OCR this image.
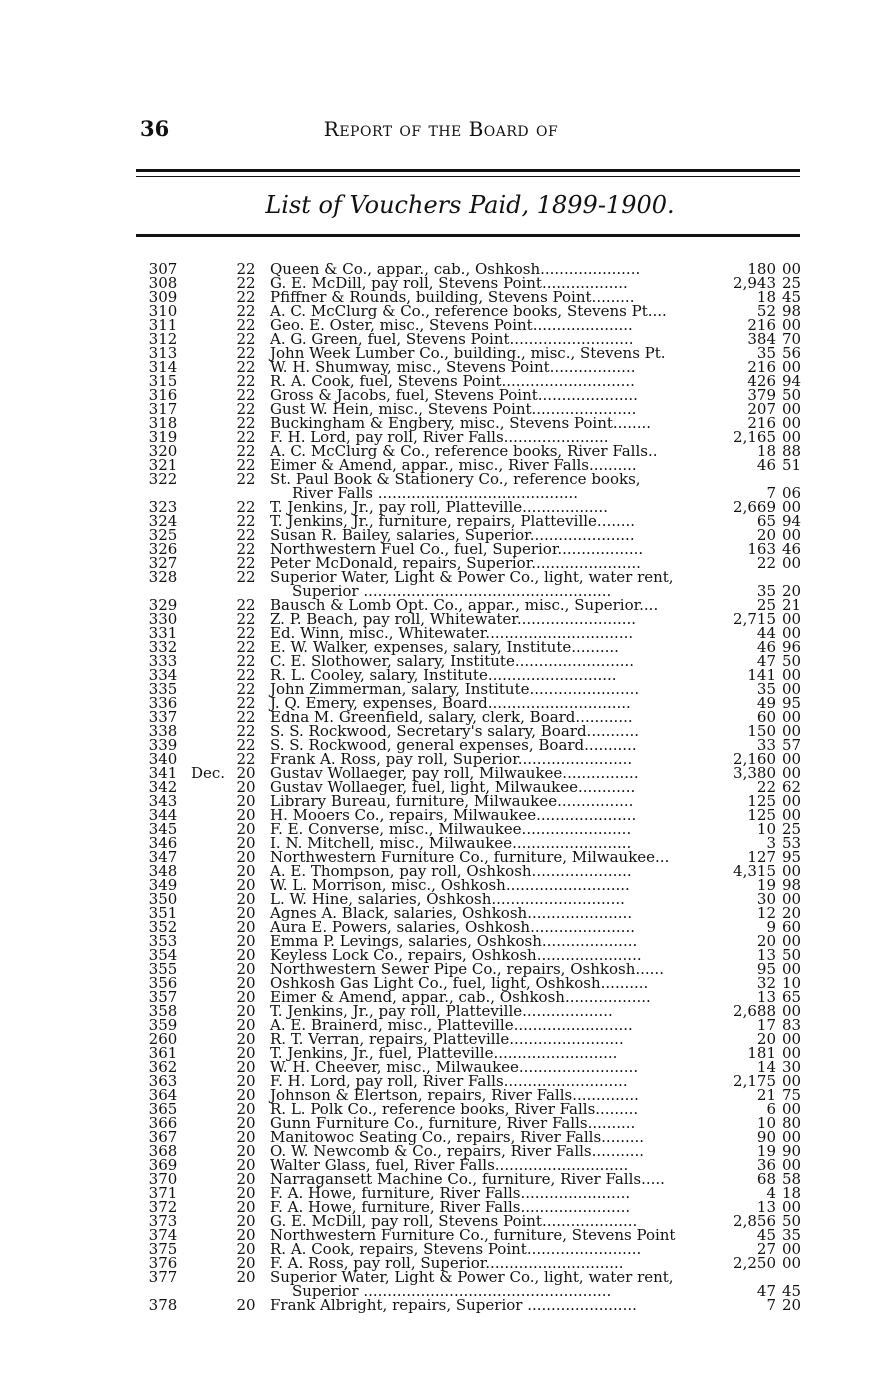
36	Report of the Board of
List of Vouchers Paid, 1899-1900.
307	22 Queen & Co., appar., cab., Oshkosh.....................	180 00
308	22 G. E. McDill, pay roll, Stevens Point..................	2,943 25
309	22 Pfiffner & Rounds, building, Stevens Point.........	18 45
310	22 A. C. McClurg & Co., reference books, Stevens Pt....	52 98
311	22 Geo. E. Oster, misc., Stevens Point.....................	216 00
312	22 A. G. Green, fuel, Stevens Point..........................	384 70
313	22 John Week Lumber Co., building., misc., Stevens Pt.	35 56
314	22 W. H. Shumway, misc., Stevens Point..................	216 00
315	22 R. A. Cook, fuel, Stevens Point............................	426 94
316	22 Gross & Jacobs, fuel, Stevens Point.....................	379 50
317	22 Gust W. Hein, misc., Stevens Point......................	207 00
318	22 Buckingham & Engbery, misc., Stevens Point........	216 00
319	22 F. H. Lord, pay roll, River Falls......................	2,165 00
320	22 A. C. McClurg & Co., reference books, River Falls..	18 88
321	22 Eimer & Amend, appar., misc., River Falls..........	46 51
322	22 St. Paul Book & Stationery Co., reference books,
River Falls ..........................................	7 06
323	22 T. Jenkins, Jr., pay roll, Platteville..................	2,669 00
324	22 T. Jenkins, Jr., furniture, repairs, Platteville........	65 94
325	22 Susan R. Bailey, salaries, Superior......................	20 00
326	22 Northwestern Fuel Co., fuel, Superior..................	163 46
327	22 Peter McDonald, repairs, Superior.......................	22 00
328	22 Superior Water, Light & Power Co., light, water rent,
Superior ....................................................	35 20
329	22 Bausch & Lomb Opt. Co., appar., misc., Superior....	25 21
330	22 Z. P. Beach, pay roll, Whitewater.........................	2,715 00
331	22 Ed. Winn, misc., Whitewater...............................	44 00
332	22 E. W. Walker, expenses, salary, Institute..........	46 96
333	22 C. E. Slothower, salary, Institute.........................	47 50
334	22 R. L. Cooley, salary, Institute...........................	141 00
335	22 John Zimmerman, salary, Institute.......................	35 00
336	22 J. Q. Emery, expenses, Board..............................	49 95
337	22 Edna M. Greenfield, salary, clerk, Board............	60 00
338	22 S. S. Rockwood, Secretary's salary, Board...........	150 00
339	22 S. S. Rockwood, general expenses, Board...........	33 57
340	22 Frank A. Ross, pay roll, Superior........................	2,160 00
341 Dec. 20 Gustav Wollaeger, pay roll, Milwaukee................	3,380 00
342	20 Gustav Wollaeger, fuel, light, Milwaukee............	22 62
343	20 Library Bureau, furniture, Milwaukee................	125 00
344	20 H. Mooers Co., repairs, Milwaukee.....................	125 00
345	20 F. E. Converse, misc., Milwaukee.......................	10 25
346	20 I. N. Mitchell, misc., Milwaukee.........................	3 53
347	20 Northwestern Furniture Co., furniture, Milwaukee...	127 95
348	20 A. E. Thompson, pay roll, Oshkosh.....................	4,315 00
349	20 W. L. Morrison, misc., Oshkosh..........................	19 98
350	20 L. W. Hine, salaries, Oshkosh............................	30 00
351	20 Agnes A. Black, salaries, Oshkosh......................	12 20
352	20 Aura E. Powers, salaries, Oshkosh......................	9 60
353	20 Emma P. Levings, salaries, Oshkosh....................	20 00
354	20 Keyless Lock Co., repairs, Oshkosh......................	13 50
355	20 Northwestern Sewer Pipe Co., repairs, Oshkosh......	95 00
356	20 Oshkosh Gas Light Co., fuel, light, Oshkosh..........	32 10
357	20 Eimer & Amend, appar., cab., Oshkosh..................	13 65
358	20 T. Jenkins, Jr., pay roll, Platteville...................	2,688 00
359	20 A. E. Brainerd, misc., Platteville.........................	17 83
260	20 R. T. Verran, repairs, Platteville........................	20 00
361	20 T. Jenkins, Jr., fuel, Platteville..........................	181 00
362	20 W. H. Cheever, misc., Milwaukee.........................	14 30
363	20 F. H. Lord, pay roll, River Falls..........................	2,175 00
364	20 Johnson & Elertson, repairs, River Falls..............	21 75
365	20 R. L. Polk Co., reference books, River Falls.........	6 00
366	20 Gunn Furniture Co., furniture, River Falls..........	10 80
367	20 Manitowoc Seating Co., repairs, River Falls.........	90 00
368	20 O. W. Newcomb & Co., repairs, River Falls...........	19 90
369	20 Walter Glass, fuel, River Falls............................	36 00
370	20 Narragansett Machine Co., furniture, River Falls.....	68 58
371	20 F. A. Howe, furniture, River Falls.......................	4 18
372	20 F. A. Howe, furniture, River Falls.......................	13 00
373	20 G. E. McDill, pay roll, Stevens Point....................	2,856 50
374	20 Northwestern Furniture Co., furniture, Stevens Point	45 35
375	20 R. A. Cook, repairs, Stevens Point........................	27 00
376	20 F. A. Ross, pay roll, Superior.............................	2,250 00
377	20 Superior Water, Light & Power Co., light, water rent,
Superior ....................................................	47 45
378	20 Frank Albright, repairs, Superior .......................	7 20
